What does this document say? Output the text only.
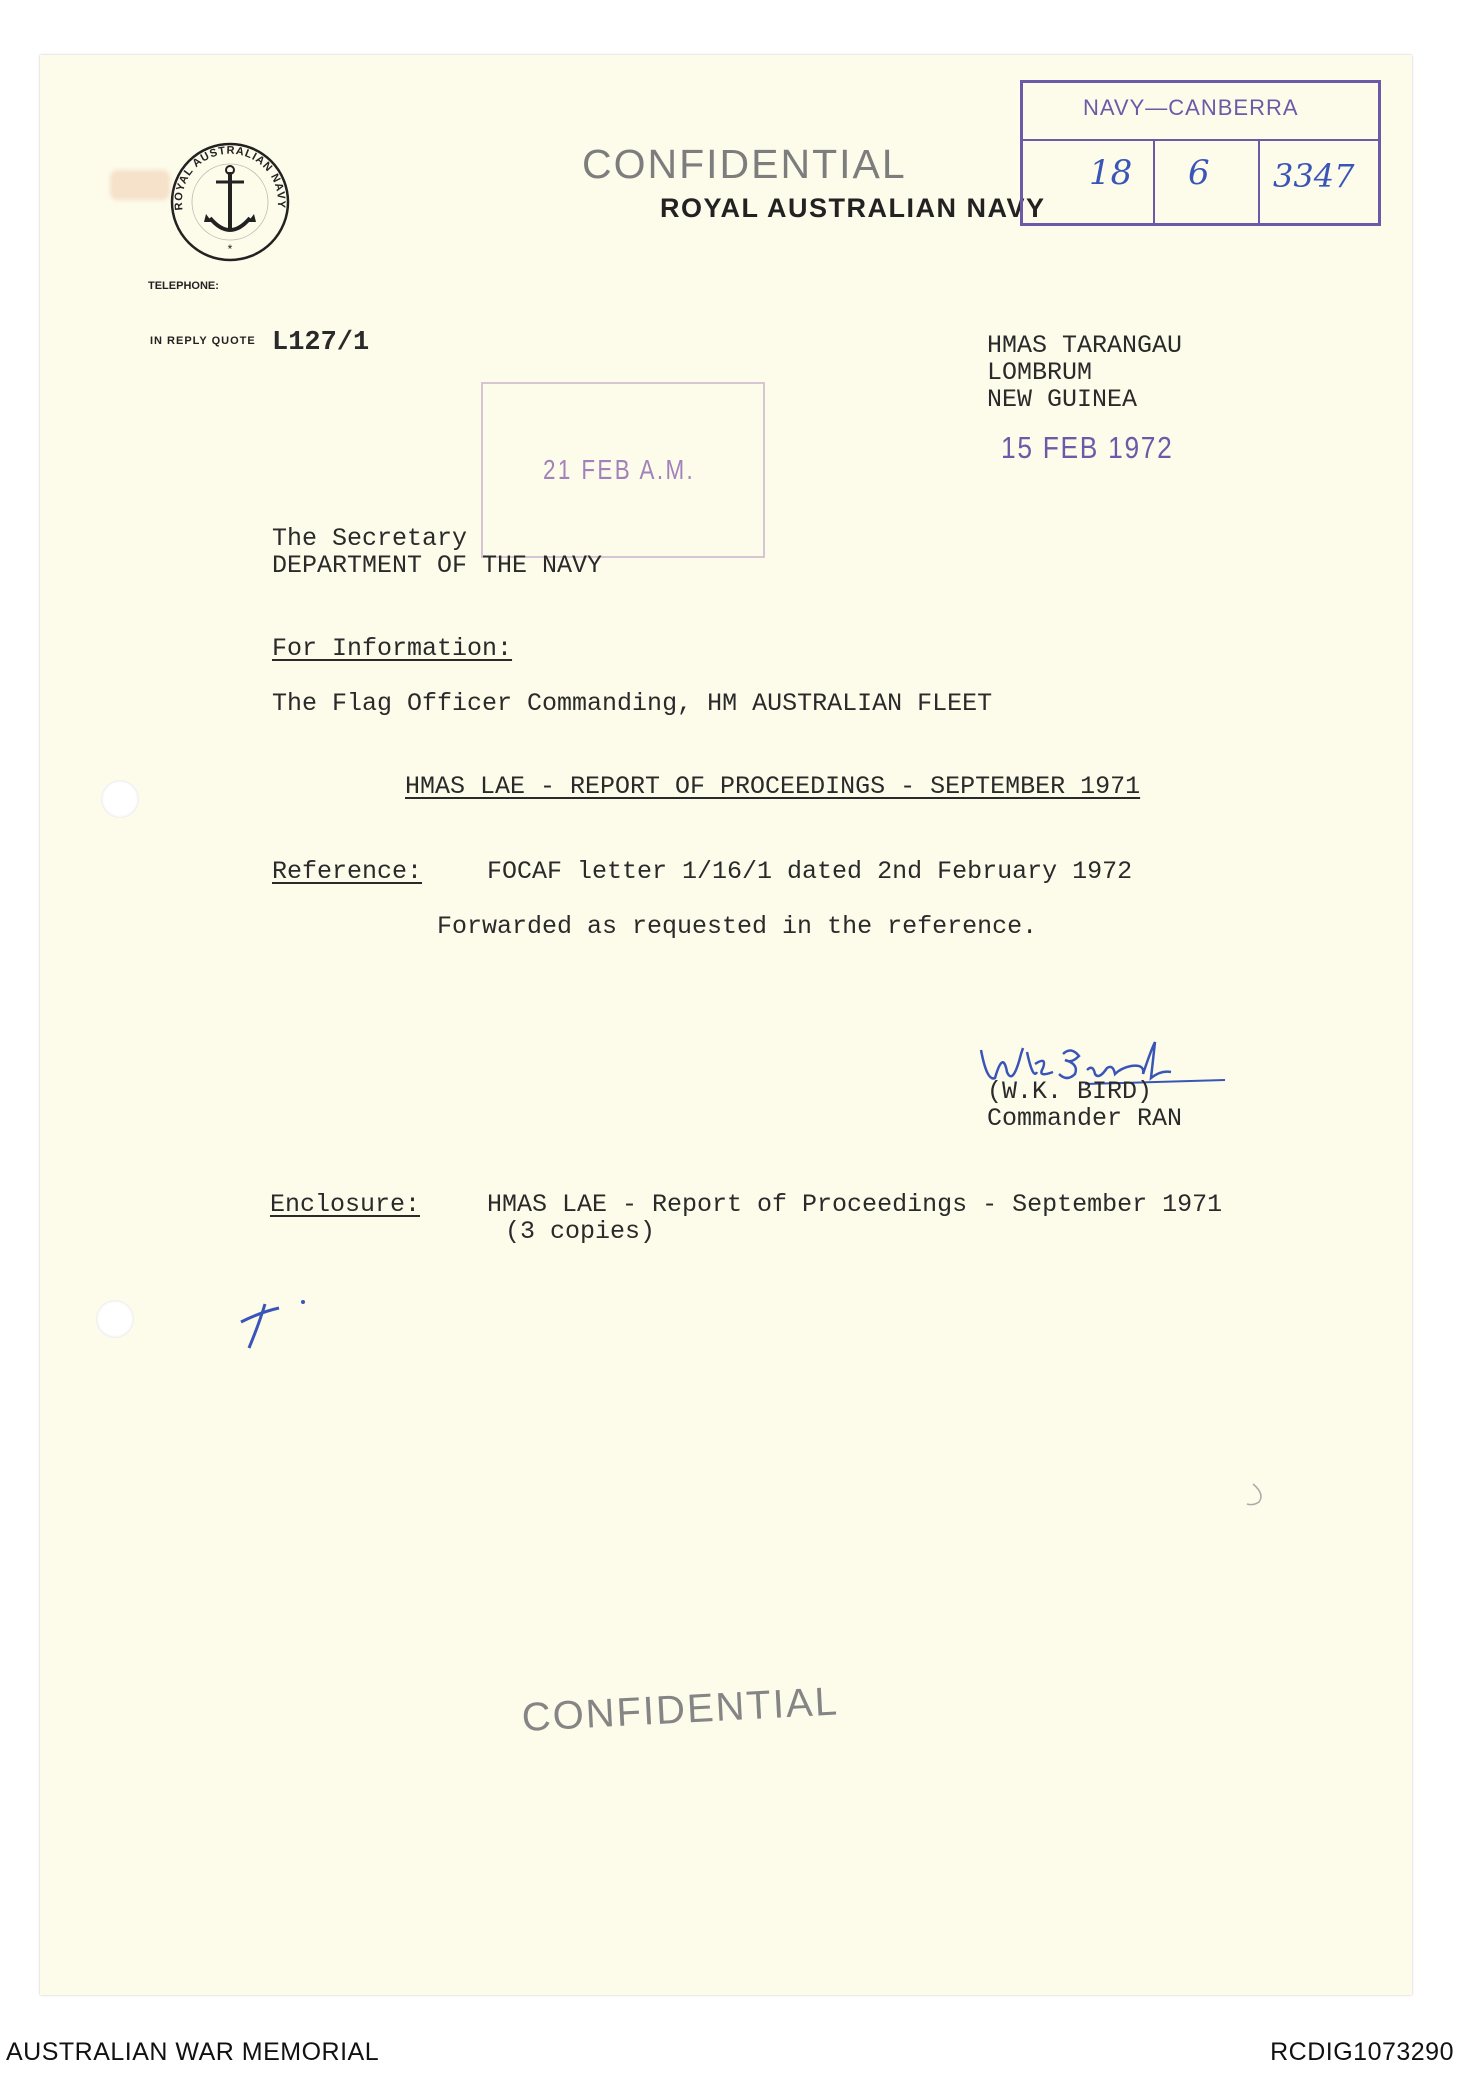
ROYAL AUSTRALIAN NAVY
*
CONFIDENTIAL
ROYAL AUSTRALIAN NAVY
TELEPHONE:
IN REPLY QUOTE L127/1
NAVY—CANBERRA
18 6 3347
21 FEB A.M.
HMAS TARANGAU
LOMBRUM
NEW GUINEA
15 FEB 1972
The Secretary
DEPARTMENT OF THE NAVY
For Information:
The Flag Officer Commanding, HM AUSTRALIAN FLEET
HMAS LAE - REPORT OF PROCEEDINGS - SEPTEMBER 1971
Reference:	FOCAF letter 1/16/1 dated 2nd February 1972
Forwarded as requested in the reference.
(W.K. BIRD)
Commander RAN
Enclosure:	HMAS LAE - Report of Proceedings - September 1971
(3 copies)
CONFIDENTIAL
AUSTRALIAN WAR MEMORIAL	RCDIG1073290
